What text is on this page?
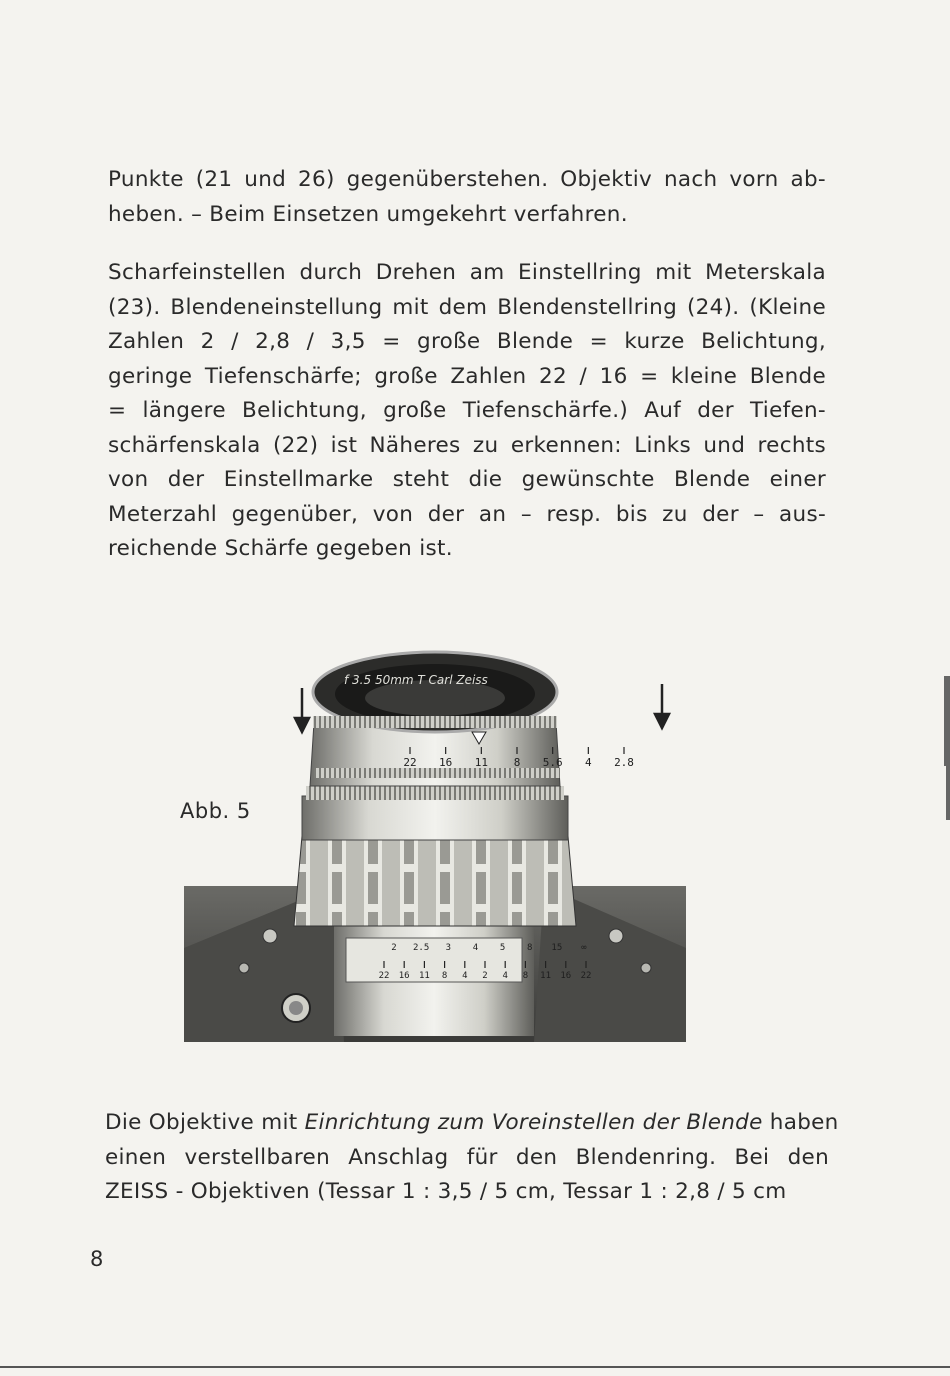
Punkte (21 und 26) gegenüberstehen. Objektiv nach vorn ab-
heben. – Beim Einsetzen umgekehrt verfahren.

Scharfeinstellen durch Drehen am Einstellring mit Meterskala
(23). Blendeneinstellung mit dem Blendenstellring (24). (Kleine
Zahlen 2 / 2,8 / 3,5 = große Blende = kurze Belichtung,
geringe Tiefenschärfe; große Zahlen 22 / 16 = kleine Blende
= längere Belichtung, große Tiefenschärfe.) Auf der Tiefen-
schärfenskala (22) ist Näheres zu erkennen: Links und rechts
von der Einstellmarke steht die gewünschte Blende einer
Meterzahl gegenüber, von der an – resp. bis zu der – aus-
reichende Schärfe gegeben ist.

Abb. 5
22 16 11 8 4 2 4 8 11 16 22
2 2.5 3 4 5 8 15 ∞
22 16 11 8 5.6 4 2.8
f 3.5 50mm T Carl Zeiss

Die Objektive mit Einrichtung zum Voreinstellen der Blende haben
einen verstellbaren Anschlag für den Blendenring. Bei den
ZEISS - Objektiven (Tessar 1 : 3,5 / 5 cm, Tessar 1 : 2,8 / 5 cm

8
